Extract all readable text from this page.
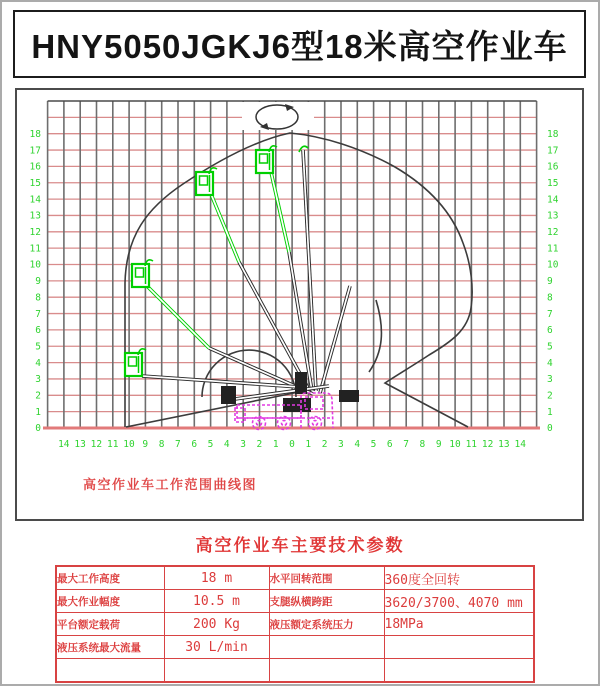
HNY5050JGKJ6型18米高空作业车
18
17
16
15
14
13
12
11
10
9
8
7
6
5
4
3
2
1
0
18
17
16
15
14
13
12
11
10
9
8
7
6
5
4
3
2
1
0
14 13 12 11 10 9 8 7 6 5 4 3 2 1 0 1 2 3 4 5 6 7 8 9 10 11 12 13 14
高空作业车工作范围曲线图
高空作业车主要技术参数
最大工作高度	18 m	水平回转范围	360度全回转
最大作业幅度	10.5 m	支腿纵横跨距	3620/3700、4070 mm
平台额定载荷	200 Kg	液压额定系统压力	18MPa
液压系统最大流量	30 L/min		
